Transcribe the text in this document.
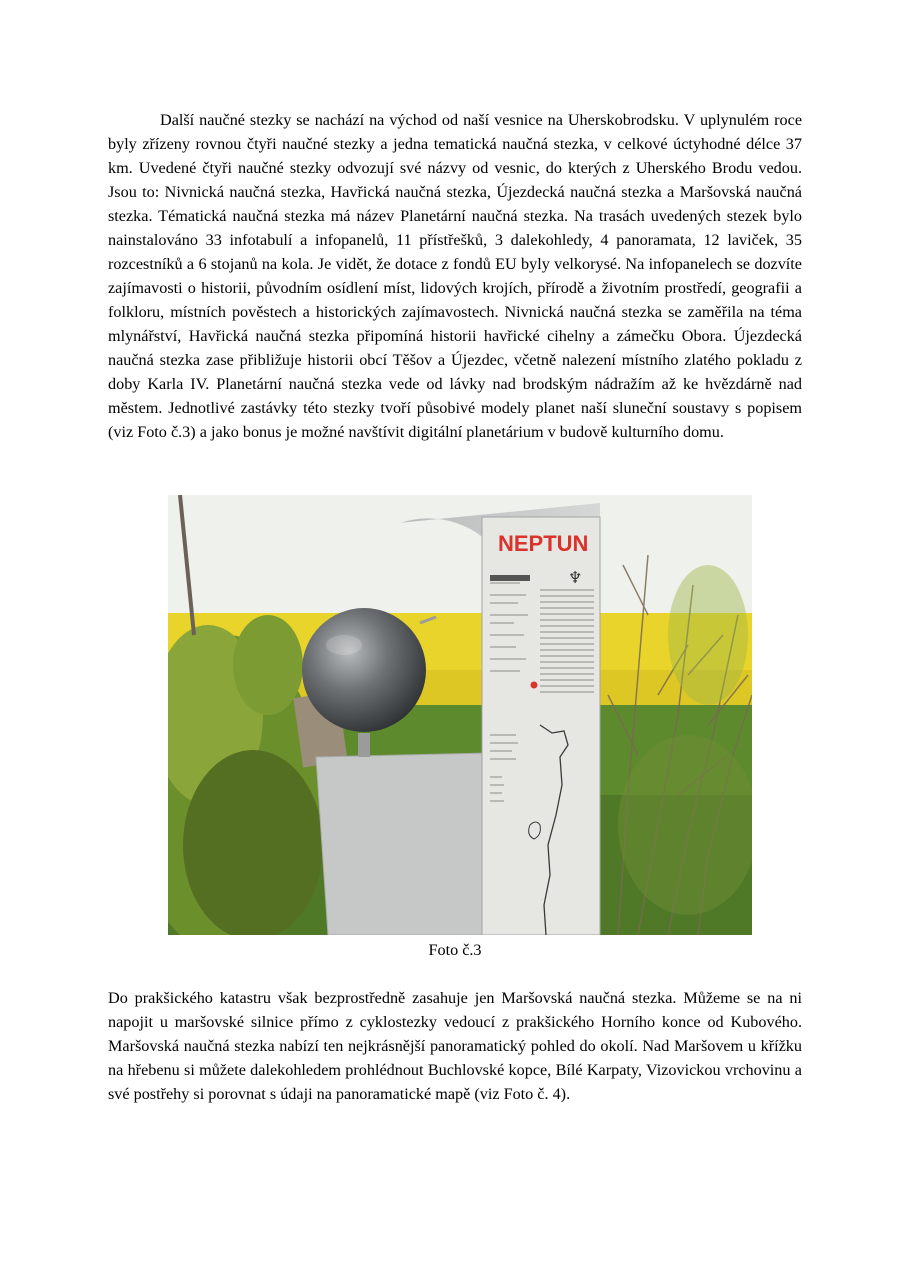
Další naučné stezky se nachází na východ od naší vesnice na Uherskobrodsku. V uplynulém roce byly zřízeny rovnou čtyři naučné stezky a jedna tematická naučná stezka, v celkové úctyhodné délce 37 km. Uvedené čtyři naučné stezky odvozují své názvy od vesnic, do kterých z Uherského Brodu vedou. Jsou to: Nivnická naučná stezka, Havřická naučná stezka, Újezdecká naučná stezka a Maršovská naučná stezka. Tématická naučná stezka má název Planetární naučná stezka. Na trasách uvedených stezek bylo nainstalováno 33 infotabulí a infopanelů, 11 přístřešků, 3 dalekohledy, 4 panoramata, 12 laviček, 35 rozcestníků a 6 stojanů na kola. Je vidět, že dotace z fondů EU byly velkorysé. Na infopanelech se dozvíte zajímavosti o historii, původním osídlení míst, lidových krojích, přírodě a životním prostředí, geografii a folkloru, místních pověstech a historických zajímavostech. Nivnická naučná stezka se zaměřila na téma mlynářství, Havřická naučná stezka připomíná historii havřické cihelny a zámečku Obora. Újezdecká naučná stezka zase přibližuje historii obcí Těšov a Újezdec, včetně nalezení místního zlatého pokladu z doby Karla IV. Planetární naučná stezka vede od lávky nad brodským nádražím až ke hvězdárně nad městem. Jednotlivé zastávky této stezky tvoří působivé modely planet naší sluneční soustavy s popisem (viz Foto č.3) a jako bonus je možné navštívit digitální planetárium v budově kulturního domu.

NEPTUN
♆
Foto č.3

Do prakšického katastru však bezprostředně zasahuje jen Maršovská naučná stezka. Můžeme se na ni napojit u maršovské silnice přímo z cyklostezky vedoucí z prakšického Horního konce od Kubového. Maršovská naučná stezka nabízí ten nejkrásnější panoramatický pohled do okolí. Nad Maršovem u křížku na hřebenu si můžete dalekohledem prohlédnout Buchlovské kopce, Bílé Karpaty, Vizovickou vrchovinu a své postřehy si porovnat s údaji na panoramatické mapě (viz Foto č. 4).
